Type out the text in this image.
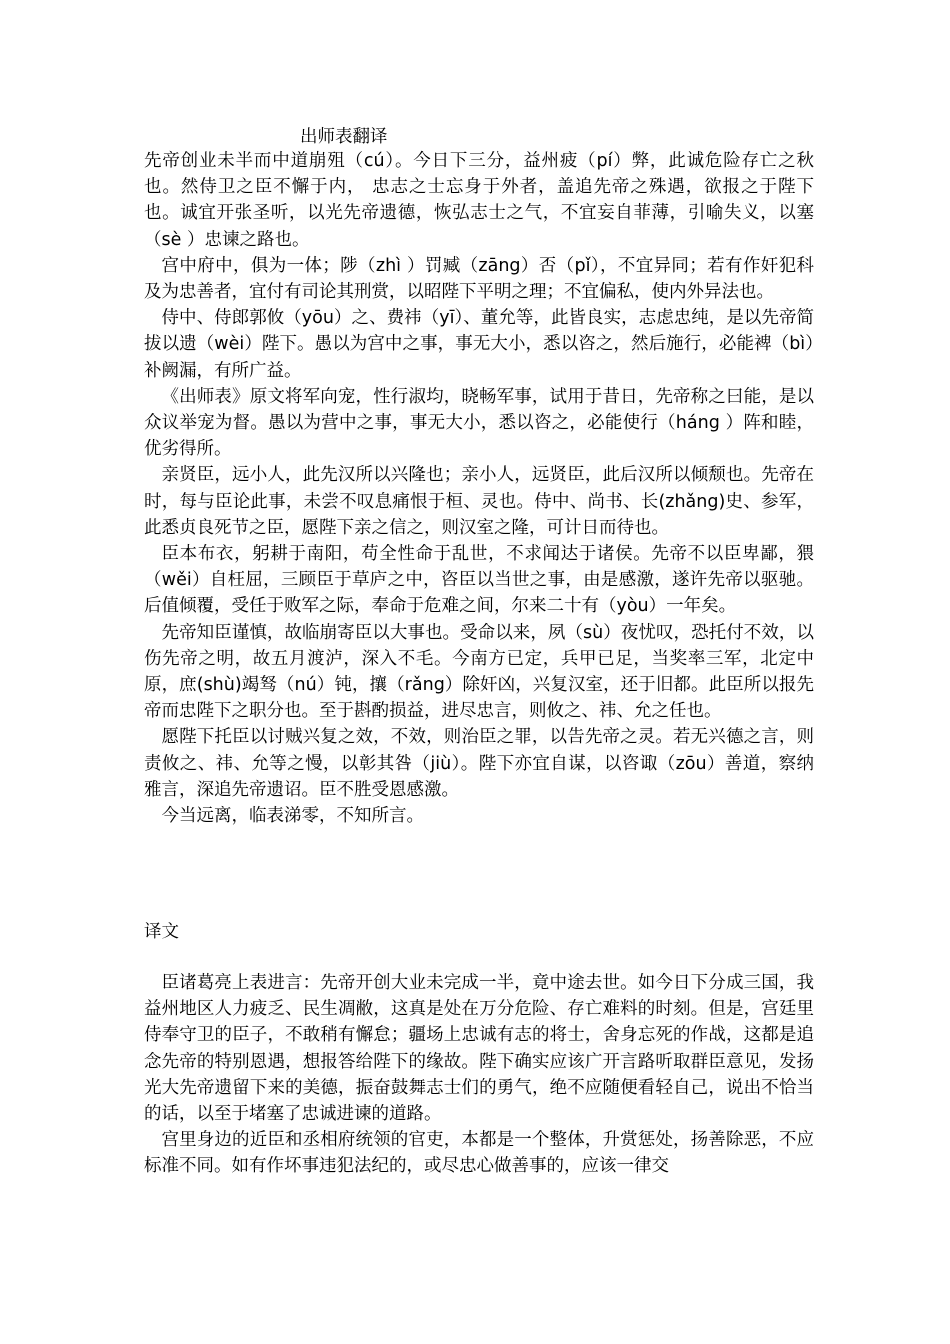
出师表翻译

先帝创业未半而中道崩殂（cú）。今日下三分，益州疲（pí）弊，此诚危险存亡之秋也。然侍卫之臣不懈于内， 忠志之士忘身于外者，盖追先帝之殊遇，欲报之于陛下也。诚宜开张圣听，以光先帝遗德，恢弘志士之气，不宜妄自菲薄，引喻失义，以塞（sè ）忠谏之路也。

宫中府中，俱为一体；陟（zhì ）罚臧（zāng）否（pǐ），不宜异同；若有作奸犯科及为忠善者，宜付有司论其刑赏，以昭陛下平明之理；不宜偏私，使内外异法也。

侍中、侍郎郭攸（yōu）之、费祎（yī）、董允等，此皆良实，志虑忠纯，是以先帝简拔以遗（wèi）陛下。愚以为宫中之事，事无大小，悉以咨之，然后施行，必能裨（bì）补阙漏，有所广益。

《出师表》原文将军向宠，性行淑均，晓畅军事，试用于昔日，先帝称之曰能，是以众议举宠为督。愚以为营中之事，事无大小，悉以咨之，必能使行（háng ）阵和睦，优劣得所。

亲贤臣，远小人，此先汉所以兴隆也；亲小人，远贤臣，此后汉所以倾颓也。先帝在时，每与臣论此事，未尝不叹息痛恨于桓、灵也。侍中、尚书、长(zhǎng)史、参军，此悉贞良死节之臣，愿陛下亲之信之，则汉室之隆，可计日而待也。

臣本布衣，躬耕于南阳，苟全性命于乱世，不求闻达于诸侯。先帝不以臣卑鄙，猥（wěi）自枉屈，三顾臣于草庐之中，咨臣以当世之事，由是感激，遂许先帝以驱驰。后值倾覆，受任于败军之际，奉命于危难之间，尔来二十有（yòu）一年矣。

先帝知臣谨慎，故临崩寄臣以大事也。受命以来，夙（sù）夜忧叹，恐托付不效，以伤先帝之明，故五月渡泸，深入不毛。今南方已定，兵甲已足，当奖率三军，北定中原，庶(shù)竭驽（nú）钝，攘（rǎng）除奸凶，兴复汉室，还于旧都。此臣所以报先帝而忠陛下之职分也。至于斟酌损益，进尽忠言，则攸之、祎、允之任也。

愿陛下托臣以讨贼兴复之效，不效，则治臣之罪，以告先帝之灵。若无兴德之言，则责攸之、祎、允等之慢，以彰其咎（jiù）。陛下亦宜自谋，以咨诹（zōu）善道，察纳雅言，深追先帝遗诏。臣不胜受恩感激。

今当远离，临表涕零，不知所言。

译文

臣诸葛亮上表进言：先帝开创大业未完成一半，竟中途去世。如今日下分成三国，我益州地区人力疲乏、民生凋敝，这真是处在万分危险、存亡难料的时刻。但是，宫廷里侍奉守卫的臣子，不敢稍有懈怠；疆场上忠诚有志的将士，舍身忘死的作战，这都是追念先帝的特别恩遇，想报答给陛下的缘故。陛下确实应该广开言路听取群臣意见，发扬光大先帝遗留下来的美德，振奋鼓舞志士们的勇气，绝不应随便看轻自己，说出不恰当的话，以至于堵塞了忠诚进谏的道路。

宫里身边的近臣和丞相府统领的官吏，本都是一个整体，升赏惩处，扬善除恶，不应标准不同。如有作坏事违犯法纪的，或尽忠心做善事的，应该一律交
